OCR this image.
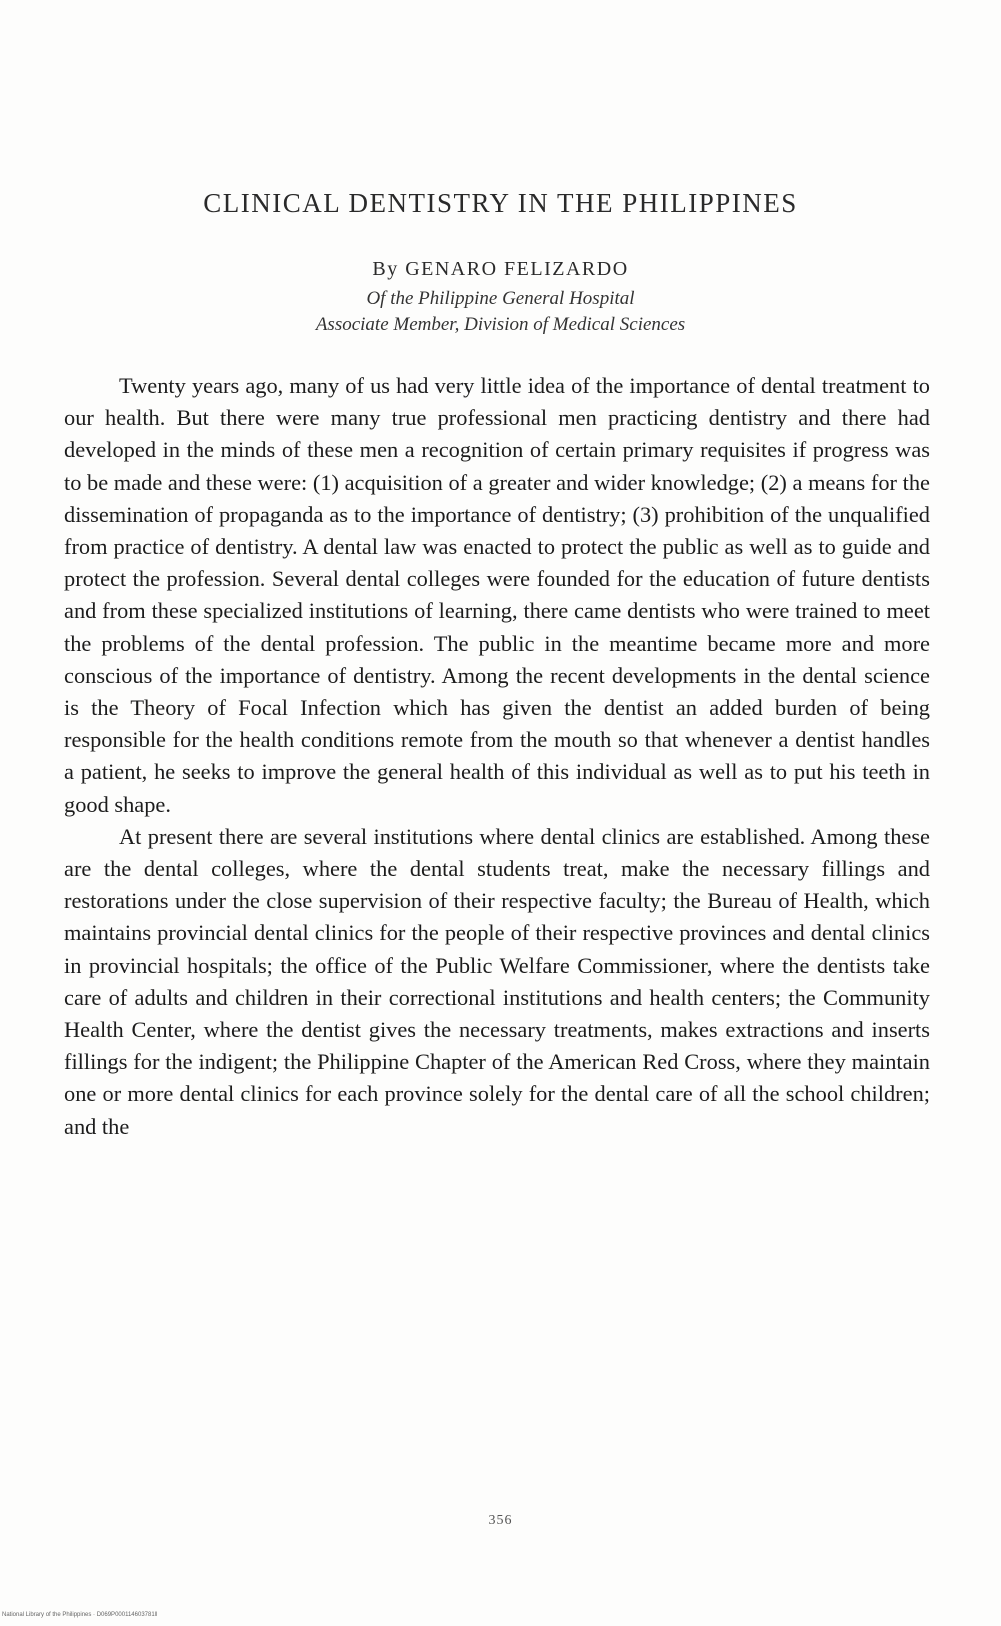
CLINICAL DENTISTRY IN THE PHILIPPINES
By GENARO FELIZARDO
Of the Philippine General Hospital
Associate Member, Division of Medical Sciences

Twenty years ago, many of us had very little idea of the importance of dental treatment to our health. But there were many true professional men practicing dentistry and there had developed in the minds of these men a recognition of certain primary requisites if progress was to be made and these were: (1) acquisition of a greater and wider knowledge; (2) a means for the dissemination of propaganda as to the importance of dentistry; (3) prohibition of the unqualified from practice of dentistry. A dental law was enacted to protect the public as well as to guide and protect the profession. Several dental colleges were founded for the education of future dentists and from these specialized institutions of learning, there came dentists who were trained to meet the problems of the dental profession. The public in the meantime became more and more conscious of the importance of dentistry. Among the recent developments in the dental science is the Theory of Focal Infection which has given the dentist an added burden of being responsible for the health conditions remote from the mouth so that whenever a dentist handles a patient, he seeks to improve the general health of this individual as well as to put his teeth in good shape.

At present there are several institutions where dental clinics are established. Among these are the dental colleges, where the dental students treat, make the necessary fillings and restorations under the close supervision of their respective faculty; the Bureau of Health, which maintains provincial dental clinics for the people of their respective provinces and dental clinics in provincial hospitals; the office of the Public Welfare Commissioner, where the dentists take care of adults and children in their correctional institutions and health centers; the Community Health Center, where the dentist gives the necessary treatments, makes extractions and inserts fillings for the indigent; the Philippine Chapter of the American Red Cross, where they maintain one or more dental clinics for each province solely for the dental care of all the school children; and the

356
National Library of the Philippines · D069P000114603781ll
